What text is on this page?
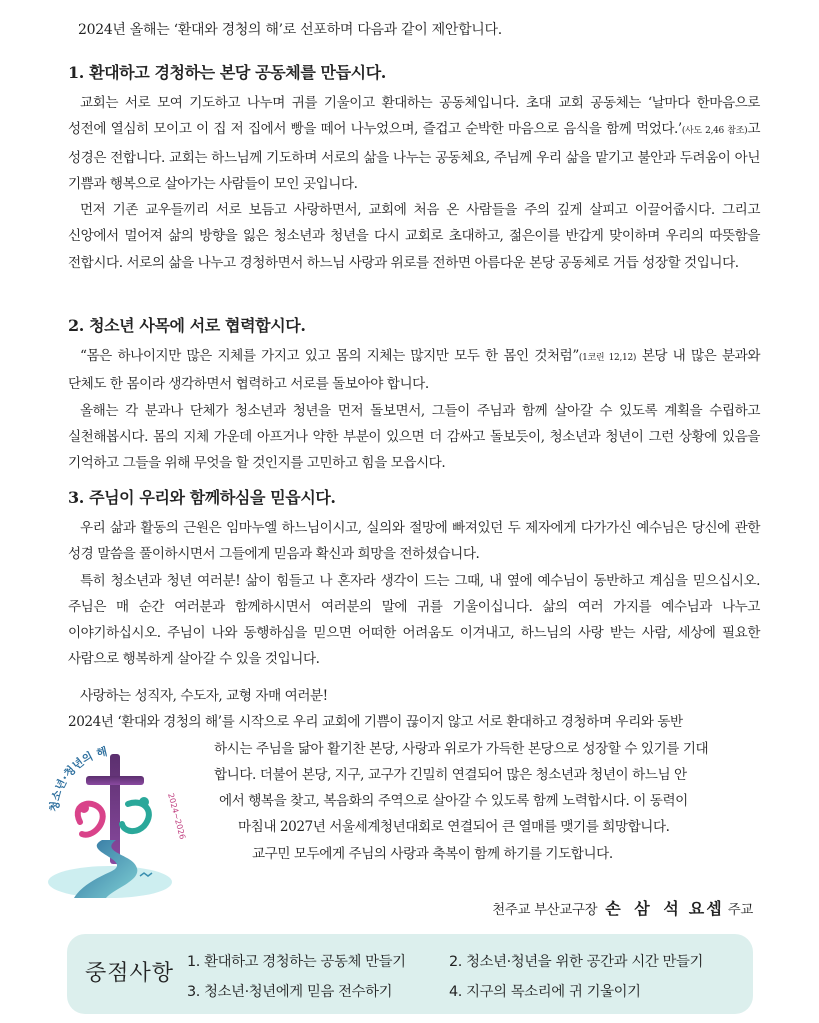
2024년 올해는 ‘환대와 경청의 해’로 선포하며 다음과 같이 제안합니다.
1. 환대하고 경청하는 본당 공동체를 만듭시다.

교회는 서로 모여 기도하고 나누며 귀를 기울이고 환대하는 공동체입니다. 초대 교회 공동체는 ‘날마다 한마음으로 성전에 열심히 모이고 이 집 저 집에서 빵을 떼어 나누었으며, 즐겁고 순박한 마음으로 음식을 함께 먹었다.’(사도 2,46 참조)고 성경은 전합니다. 교회는 하느님께 기도하며 서로의 삶을 나누는 공동체요, 주님께 우리 삶을 맡기고 불안과 두려움이 아닌 기쁨과 행복으로 살아가는 사람들이 모인 곳입니다.

먼저 기존 교우들끼리 서로 보듬고 사랑하면서, 교회에 처음 온 사람들을 주의 깊게 살피고 이끌어줍시다. 그리고 신앙에서 멀어져 삶의 방향을 잃은 청소년과 청년을 다시 교회로 초대하고, 젊은이를 반갑게 맞이하며 우리의 따뜻함을 전합시다. 서로의 삶을 나누고 경청하면서 하느님 사랑과 위로를 전하면 아름다운 본당 공동체로 거듭 성장할 것입니다.

2. 청소년 사목에 서로 협력합시다.

“몸은 하나이지만 많은 지체를 가지고 있고 몸의 지체는 많지만 모두 한 몸인 것처럼”(1코린 12,12) 본당 내 많은 분과와 단체도 한 몸이라 생각하면서 협력하고 서로를 돌보아야 합니다.

올해는 각 분과나 단체가 청소년과 청년을 먼저 돌보면서, 그들이 주님과 함께 살아갈 수 있도록 계획을 수립하고 실천해봅시다. 몸의 지체 가운데 아프거나 약한 부분이 있으면 더 감싸고 돌보듯이, 청소년과 청년이 그런 상황에 있음을 기억하고 그들을 위해 무엇을 할 것인지를 고민하고 힘을 모읍시다.

3. 주님이 우리와 함께하심을 믿읍시다.

우리 삶과 활동의 근원은 임마누엘 하느님이시고, 실의와 절망에 빠져있던 두 제자에게 다가가신 예수님은 당신에 관한 성경 말씀을 풀이하시면서 그들에게 믿음과 확신과 희망을 전하셨습니다.

특히 청소년과 청년 여러분! 삶이 힘들고 나 혼자라 생각이 드는 그때, 내 옆에 예수님이 동반하고 계심을 믿으십시오. 주님은 매 순간 여러분과 함께하시면서 여러분의 말에 귀를 기울이십니다. 삶의 여러 가지를 예수님과 나누고 이야기하십시오. 주님이 나와 동행하심을 믿으면 어떠한 어려움도 이겨내고, 하느님의 사랑 받는 사람, 세상에 필요한 사람으로 행복하게 살아갈 수 있을 것입니다.

사랑하는 성직자, 수도자, 교형 자매 여러분!
2024년 ‘환대와 경청의 해’를 시작으로 우리 교회에 기쁨이 끊이지 않고 서로 환대하고 경청하며 우리와 동반
하시는 주님을 닮아 활기찬 본당, 사랑과 위로가 가득한 본당으로 성장할 수 있기를 기대
합니다. 더불어 본당, 지구, 교구가 긴밀히 연결되어 많은 청소년과 청년이 하느님 안
에서 행복을 찾고, 복음화의 주역으로 살아갈 수 있도록 함께 노력합시다. 이 동력이
마침내 2027년 서울세계청년대회로 연결되어 큰 열매를 맺기를 희망합니다.
교구민 모두에게 주님의 사랑과 축복이 함께 하기를 기도합니다.
청소년·청년의 해
2024~2026
천주교 부산교구장 손 삼 석 요셉 주교
중점사항 1. 환대하고 경청하는 공동체 만들기	2. 청소년·청년을 위한 공간과 시간 만들기
3. 청소년·청년에게 믿음 전수하기	4. 지구의 목소리에 귀 기울이기
